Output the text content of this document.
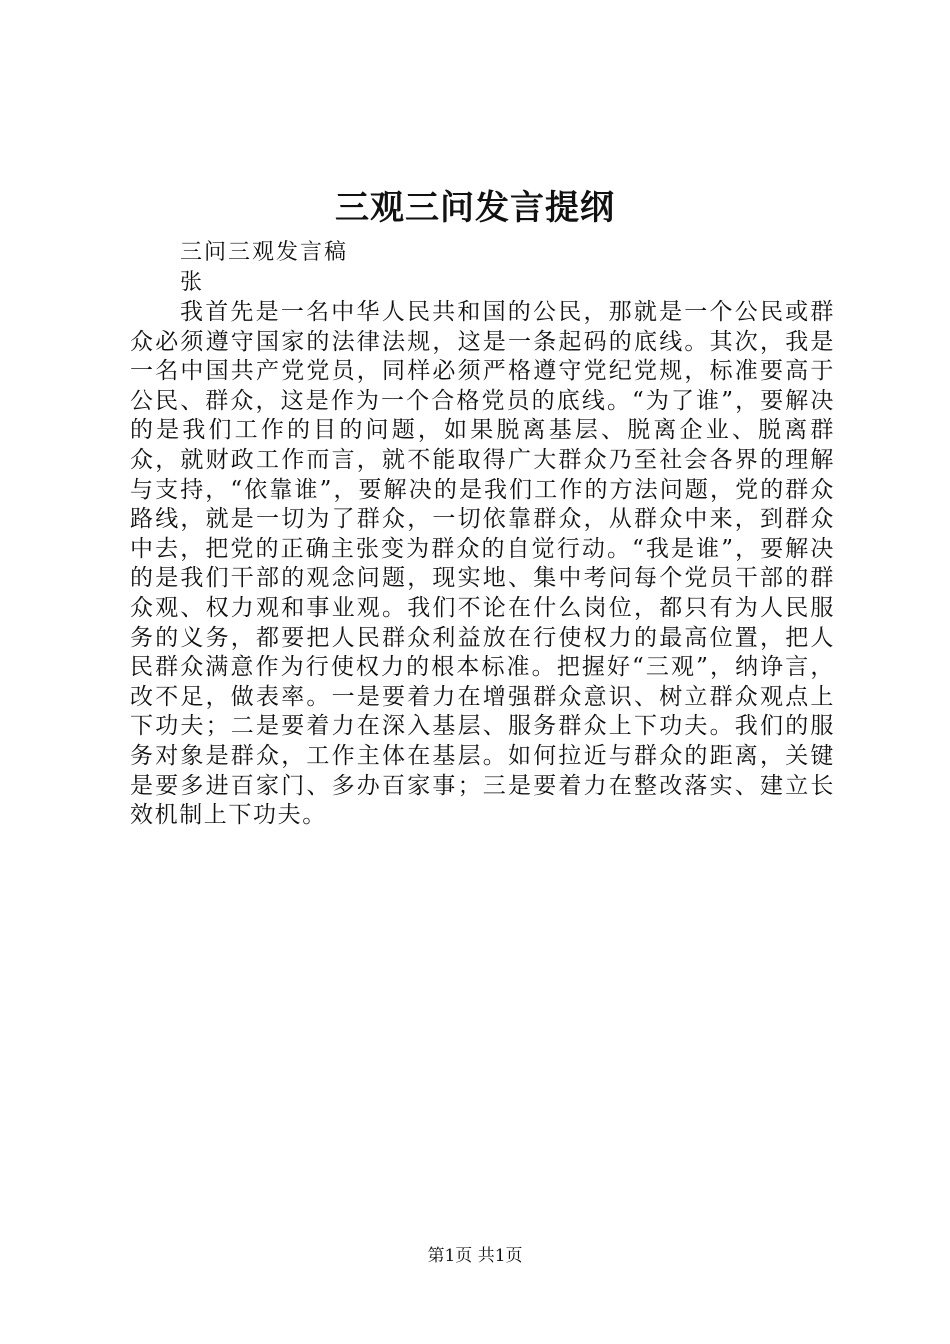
三观三问发言提纲
三问三观发言稿
张

我首先是一名中华人民共和国的公民，那就是一个公民或群众必须遵守国家的法律法规，这是一条起码的底线。其次，我是一名中国共产党党员，同样必须严格遵守党纪党规，标准要高于公民、群众，这是作为一个合格党员的底线。“为了谁”，要解决的是我们工作的目的问题，如果脱离基层、脱离企业、脱离群众，就财政工作而言，就不能取得广大群众乃至社会各界的理解与支持，“依靠谁”，要解决的是我们工作的方法问题，党的群众路线，就是一切为了群众，一切依靠群众，从群众中来，到群众中去，把党的正确主张变为群众的自觉行动。“我是谁”，要解决的是我们干部的观念问题，现实地、集中考问每个党员干部的群众观、权力观和事业观。我们不论在什么岗位，都只有为人民服务的义务，都要把人民群众利益放在行使权力的最高位置，把人民群众满意作为行使权力的根本标准。把握好“三观”，纳诤言，改不足，做表率。一是要着力在增强群众意识、树立群众观点上下功夫；二是要着力在深入基层、服务群众上下功夫。我们的服务对象是群众，工作主体在基层。如何拉近与群众的距离，关键是要多进百家门、多办百家事；三是要着力在整改落实、建立长效机制上下功夫。

第1页 共1页
